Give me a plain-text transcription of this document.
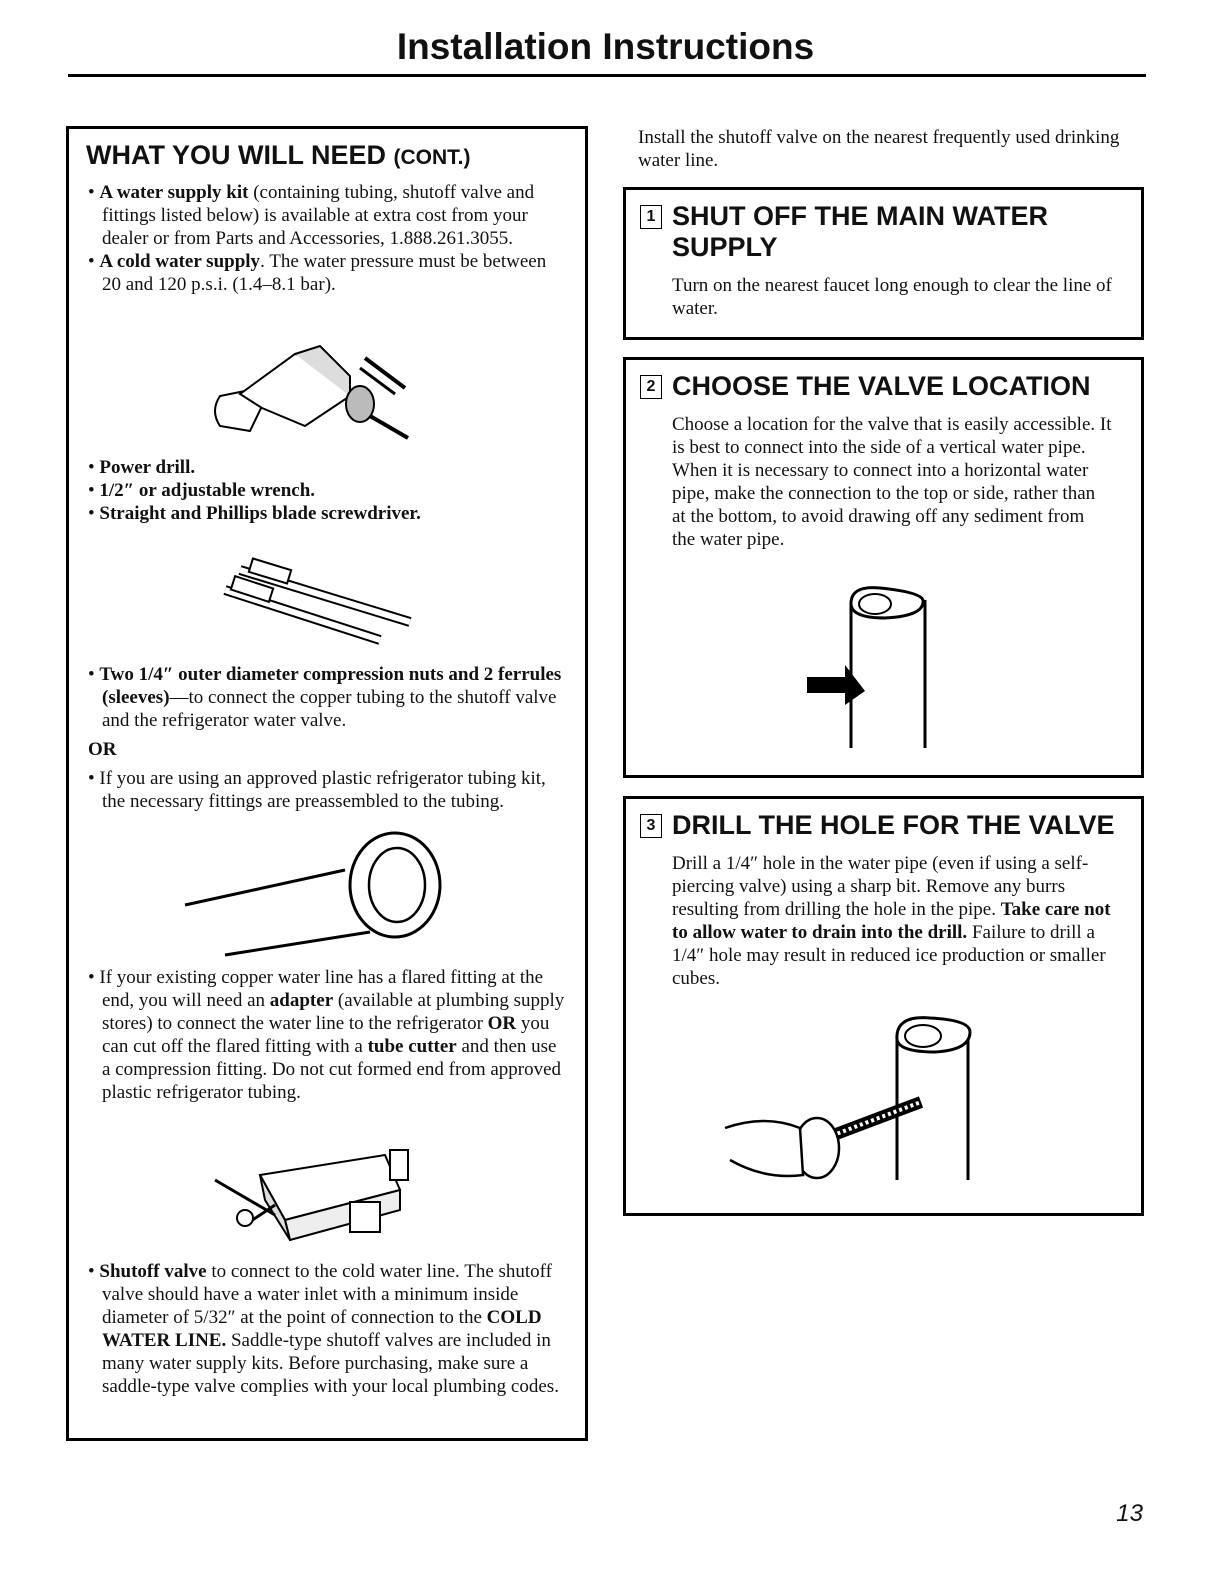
Installation Instructions
WHAT YOU WILL NEED (CONT.)

• A water supply kit (containing tubing, shutoff valve and fittings listed below) is available at extra cost from your dealer or from Parts and Accessories, 1.888.261.3055.

• A cold water supply. The water pressure must be between 20 and 120 p.s.i. (1.4–8.1 bar).

• Power drill.

• 1/2″ or adjustable wrench.

• Straight and Phillips blade screwdriver.

• Two 1/4″ outer diameter compression nuts and 2 ferrules (sleeves)—to connect the copper tubing to the shutoff valve and the refrigerator water valve.

OR

• If you are using an approved plastic refrigerator tubing kit, the necessary fittings are preassembled to the tubing.

• If your existing copper water line has a flared fitting at the end, you will need an adapter (available at plumbing supply stores) to connect the water line to the refrigerator OR you can cut off the flared fitting with a tube cutter and then use a compression fitting. Do not cut formed end from approved plastic refrigerator tubing.

• Shutoff valve to connect to the cold water line. The shutoff valve should have a water inlet with a minimum inside diameter of 5/32″ at the point of connection to the COLD WATER LINE. Saddle-type shutoff valves are included in many water supply kits. Before purchasing, make sure a saddle-type valve complies with your local plumbing codes.

Install the shutoff valve on the nearest frequently used drinking water line.
1 SHUT OFF THE MAIN WATER SUPPLY
Turn on the nearest faucet long enough to clear the line of water.
2 CHOOSE THE VALVE LOCATION
Choose a location for the valve that is easily accessible. It is best to connect into the side of a vertical water pipe. When it is necessary to connect into a horizontal water pipe, make the connection to the top or side, rather than at the bottom, to avoid drawing off any sediment from the water pipe.
3 DRILL THE HOLE FOR THE VALVE
Drill a 1/4″ hole in the water pipe (even if using a self-piercing valve) using a sharp bit. Remove any burrs resulting from drilling the hole in the pipe. Take care not to allow water to drain into the drill. Failure to drill a 1/4″ hole may result in reduced ice production or smaller cubes.
13
